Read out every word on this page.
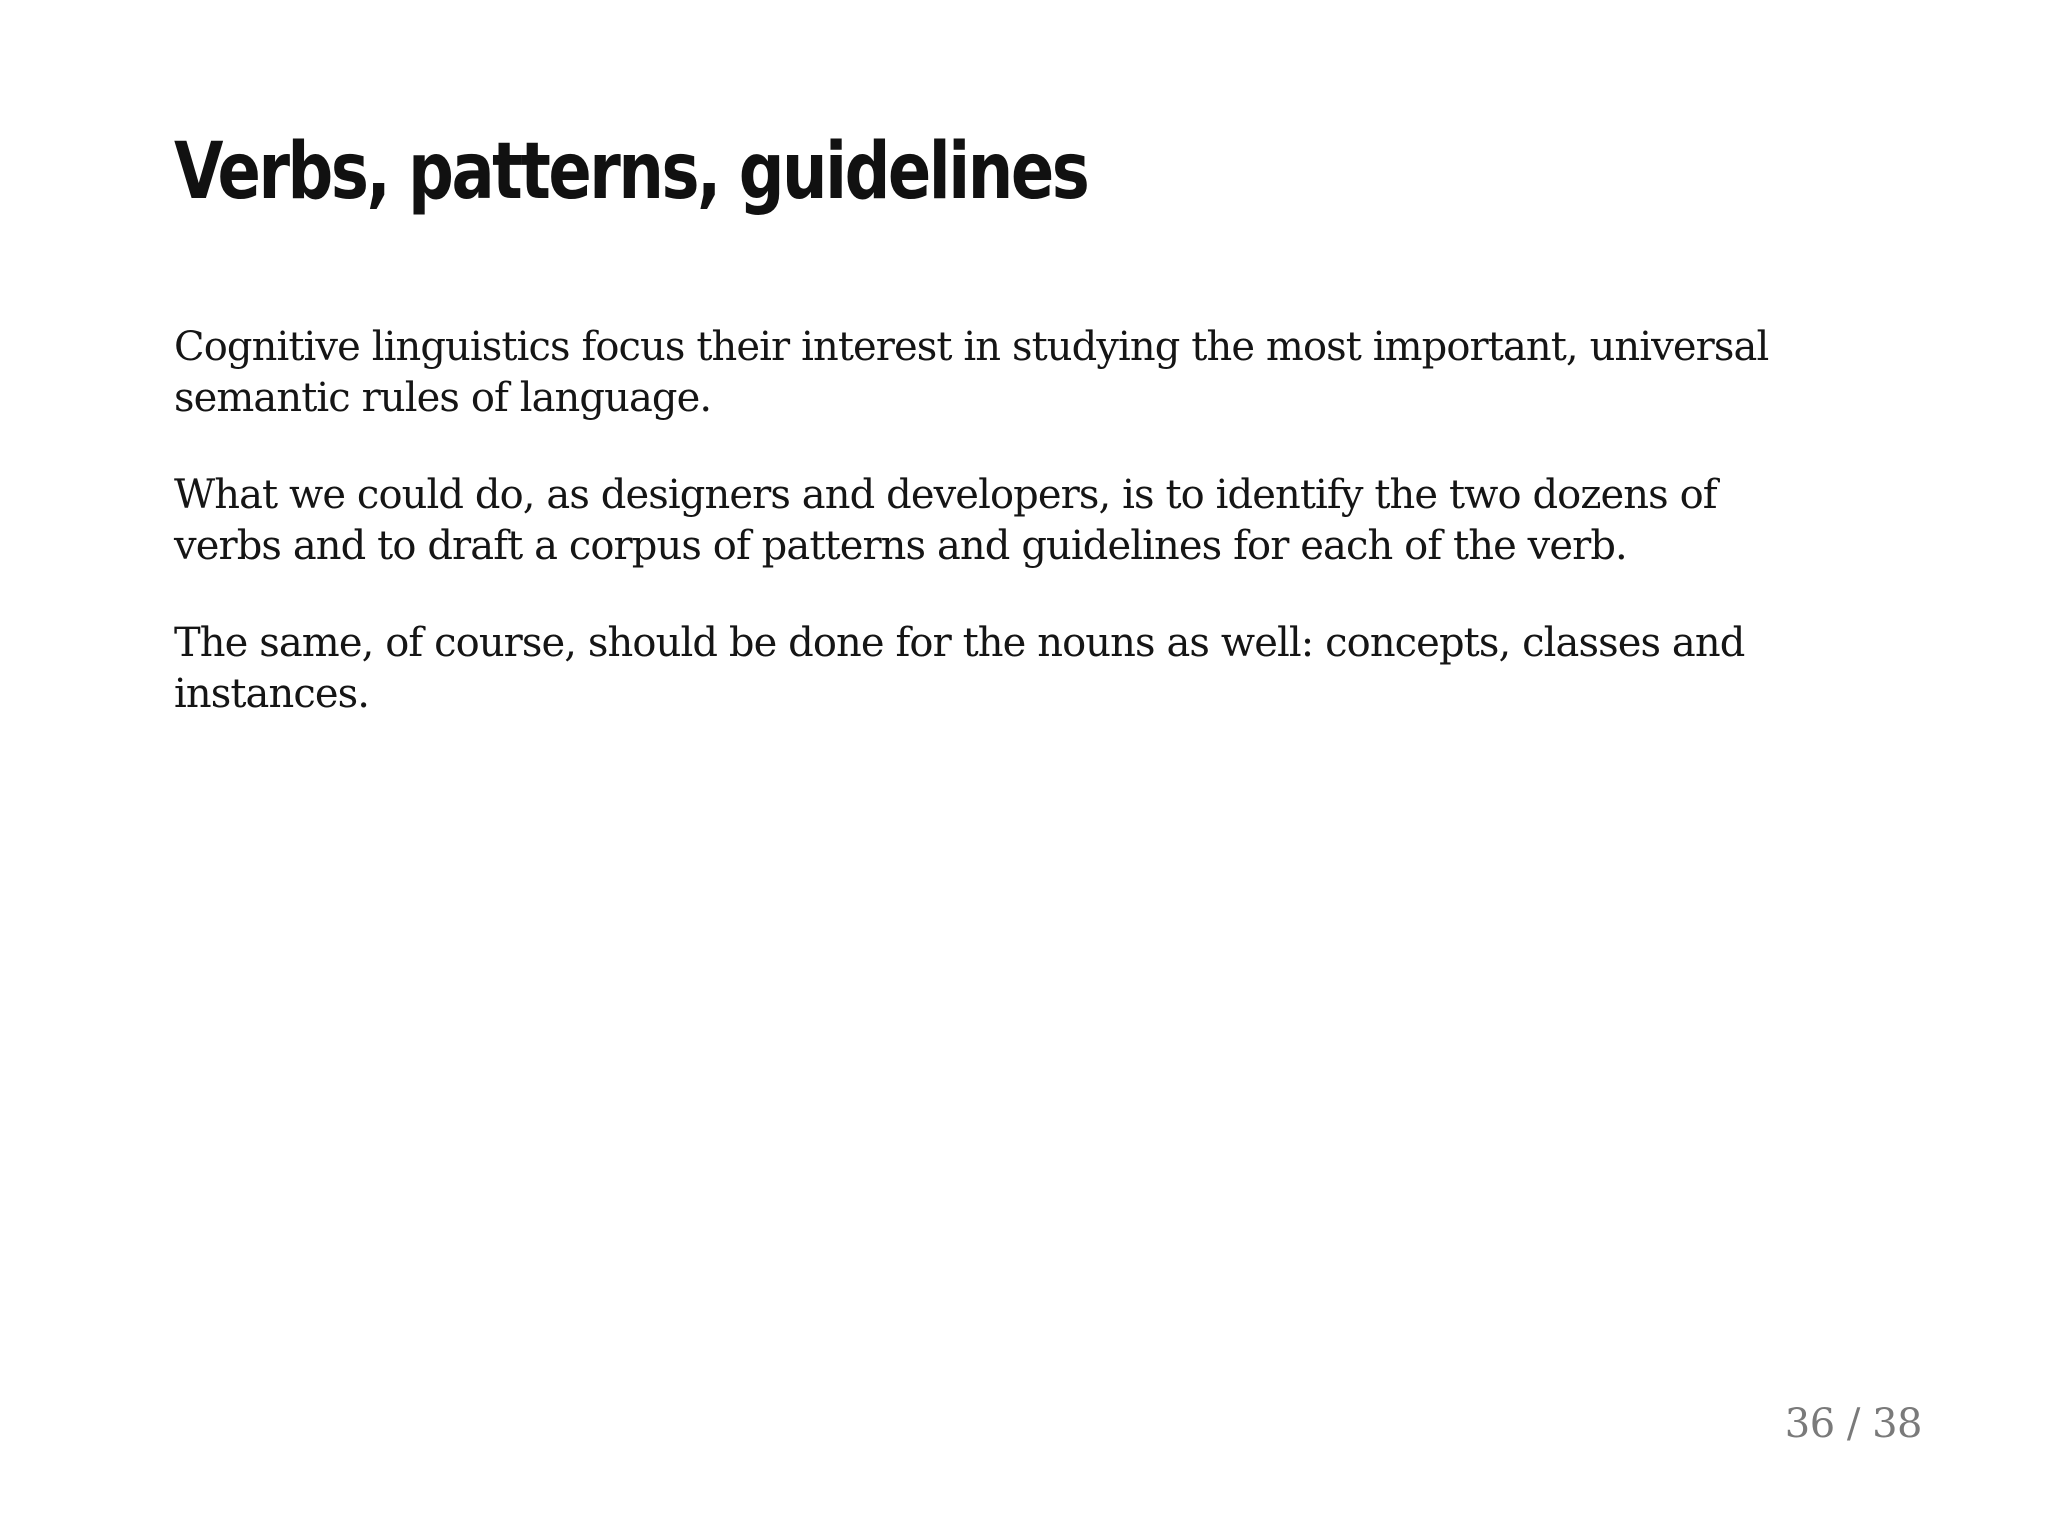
Verbs, patterns, guidelines

Cognitive linguistics focus their interest in studying the most important, universal semantic rules of language.

What we could do, as designers and developers, is to identify the two dozens of verbs and to draft a corpus of patterns and guidelines for each of the verb.

The same, of course, should be done for the nouns as well: concepts, classes and instances.

36 / 38
